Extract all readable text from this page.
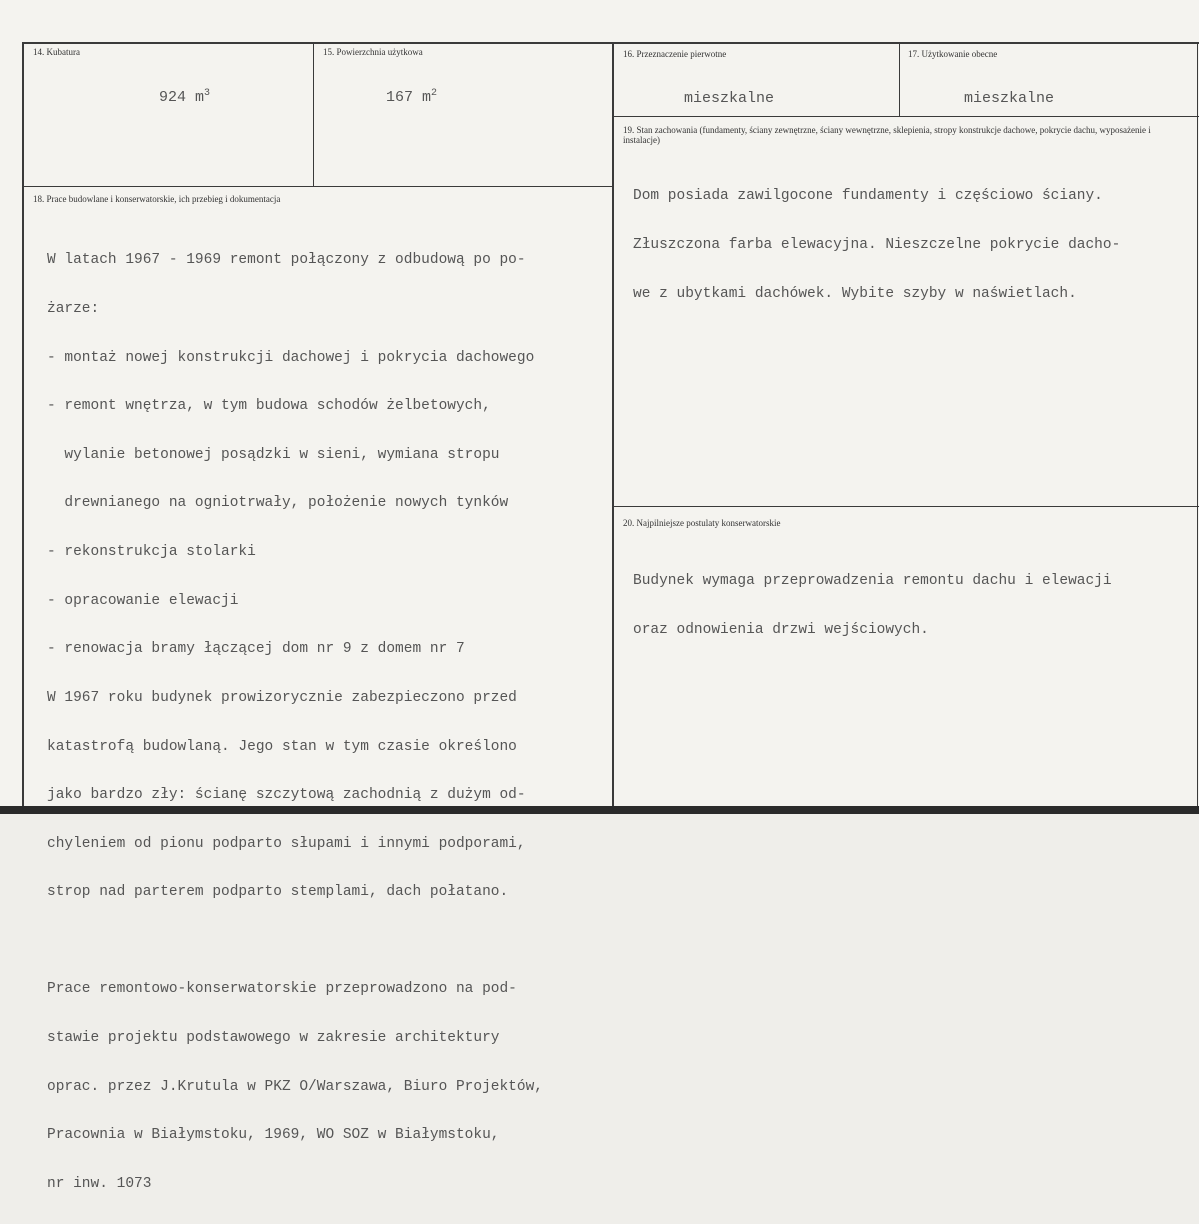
14. Kubatura
924 $m^3$
15. Powierzchnia użytkowa
167 $m^2$
16. Przeznaczenie pierwotne
mieszkalne
17. Użytkowanie obecne
mieszkalne
18. Prace budowlane i konserwatorskie, ich przebieg i dokumentacja

W latach 1967 - 1969 remont połączony z odbudową po po-

żarze:

- montaż nowej konstrukcji dachowej i pokrycia dachowego

- remont wnętrza, w tym budowa schodów żelbetowych,

wylanie betonowej posądzki w sieni, wymiana stropu

drewnianego na ogniotrwały, położenie nowych tynków

- rekonstrukcja stolarki

- opracowanie elewacji

- renowacja bramy łączącej dom nr 9 z domem nr 7

W 1967 roku budynek prowizorycznie zabezpieczono przed

katastrofą budowlaną. Jego stan w tym czasie określono

jako bardzo zły: ścianę szczytową zachodnią z dużym od-

chyleniem od pionu podparto słupami i innymi podporami,

strop nad parterem podparto stemplami, dach połatano.

Prace remontowo-konserwatorskie przeprowadzono na pod-

stawie projektu podstawowego w zakresie architektury

oprac. przez J.Krutula w PKZ O/Warszawa, Biuro Projektów,

Pracownia w Białymstoku, 1969, WO SOZ w Białymstoku,

nr inw. 1073

19. Stan zachowania (fundamenty, ściany zewnętrzne, ściany wewnętrzne, sklepienia, stropy konstrukcje dachowe, pokrycie dachu, wyposażenie i instalacje)

Dom posiada zawilgocone fundamenty i częściowo ściany.

Złuszczona farba elewacyjna. Nieszczelne pokrycie dacho-

we z ubytkami dachówek. Wybite szyby w naświetlach.

20. Najpilniejsze postulaty konserwatorskie

Budynek wymaga przeprowadzenia remontu dachu i elewacji

oraz odnowienia drzwi wejściowych.
